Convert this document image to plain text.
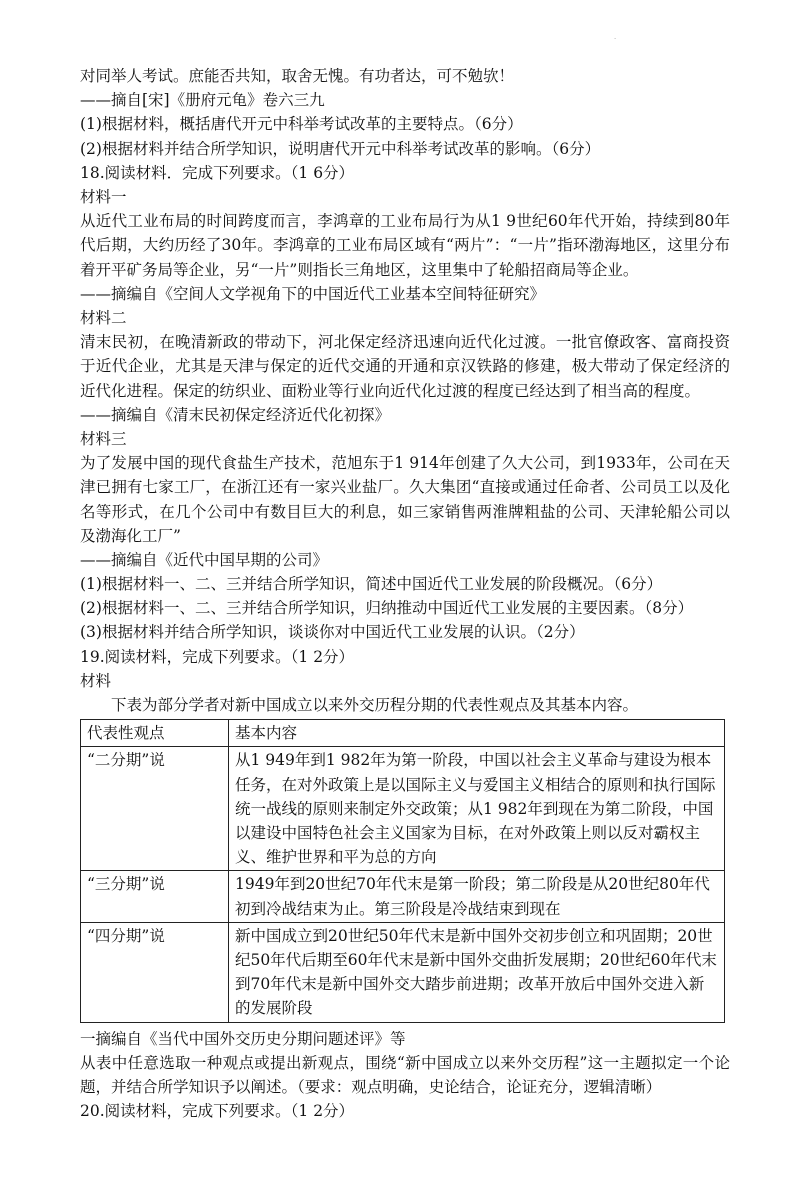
·
对同举人考试。庶能否共知，取舍无愧。有功者达，可不勉欤！
——摘自[宋]《册府元龟》卷六三九
(1)根据材料，概括唐代开元中科举考试改革的主要特点。（6分）
(2)根据材料并结合所学知识，说明唐代开元中科举考试改革的影响。（6分）
18.阅读材料．完成下列要求。（1 6分）
材料一
从近代工业布局的时间跨度而言，李鸿章的工业布局行为从1 9世纪60年代开始，持续到80年代后期，大约历经了30年。李鸿章的工业布局区域有“两片”：“一片”指环渤海地区，这里分布着开平矿务局等企业，另“一片”则指长三角地区，这里集中了轮船招商局等企业。
——摘编自《空间人文学视角下的中国近代工业基本空间特征研究》
材料二
清末民初，在晚清新政的带动下，河北保定经济迅速向近代化过渡。一批官僚政客、富商投资于近代企业，尤其是天津与保定的近代交通的开通和京汉铁路的修建，极大带动了保定经济的近代化进程。保定的纺织业、面粉业等行业向近代化过渡的程度已经达到了相当高的程度。
——摘编自《清末民初保定经济近代化初探》
材料三
为了发展中国的现代食盐生产技术，范旭东于1 914年创建了久大公司，到1933年，公司在天津已拥有七家工厂，在浙江还有一家兴业盐厂。久大集团“直接或通过任命者、公司员工以及化名等形式，在几个公司中有数目巨大的利息，如三家销售两淮牌粗盐的公司、天津轮船公司以及渤海化工厂”
——摘编自《近代中国早期的公司》
(1)根据材料一、二、三并结合所学知识，简述中国近代工业发展的阶段概况。（6分）
(2)根据材料一、二、三并结合所学知识，归纳推动中国近代工业发展的主要因素。（8分）
(3)根据材料并结合所学知识，谈谈你对中国近代工业发展的认识。（2分）
19.阅读材料，完成下列要求。（1 2分）
材料
下表为部分学者对新中国成立以来外交历程分期的代表性观点及其基本内容。
代表性观点	基本内容
“二分期”说	从1 949年到1 982年为第一阶段，中国以社会主义革命与建设为根本任务，在对外政策上是以国际主义与爱国主义相结合的原则和执行国际统一战线的原则来制定外交政策；从1 982年到现在为第二阶段，中国以建设中国特色社会主义国家为目标，在对外政策上则以反对霸权主义、维护世界和平为总的方向
“三分期”说	1949年到20世纪70年代末是第一阶段；第二阶段是从20世纪80年代初到冷战结束为止。第三阶段是冷战结束到现在
“四分期”说	新中国成立到20世纪50年代末是新中国外交初步创立和巩固期；20世纪50年代后期至60年代末是新中国外交曲折发展期；20世纪60年代末到70年代末是新中国外交大踏步前进期；改革开放后中国外交进入新的发展阶段
一摘编自《当代中国外交历史分期问题述评》等
从表中任意选取一种观点或提出新观点，围绕“新中国成立以来外交历程”这一主题拟定一个论题，并结合所学知识予以阐述。（要求：观点明确，史论结合，论证充分，逻辑清晰）
20.阅读材料，完成下列要求。（1 2分）
